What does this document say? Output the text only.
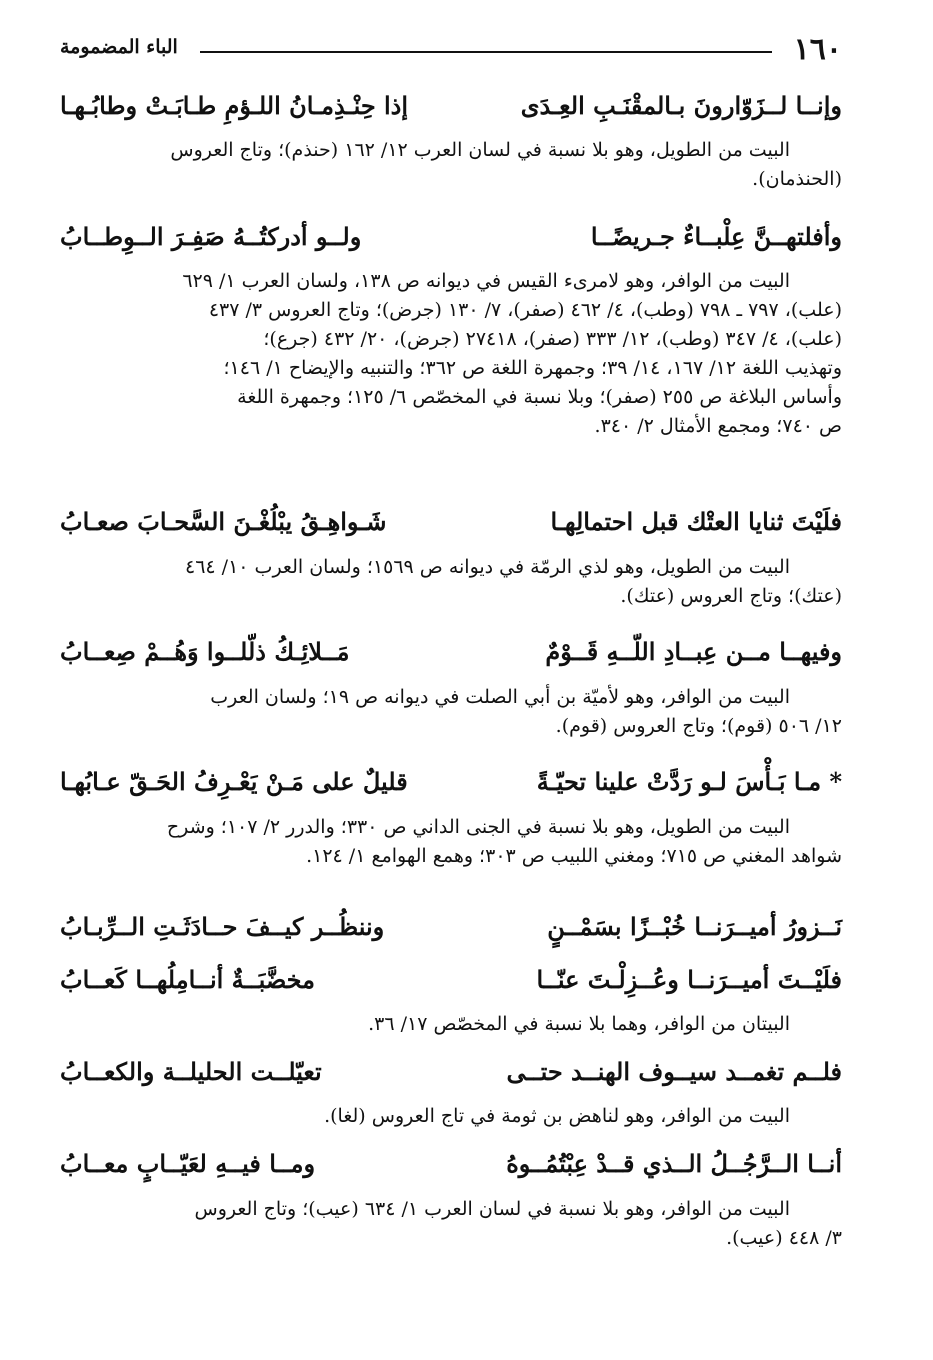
١٦٠
الباء المضمومة
وإنــا لــزَوّارونَ بـالمقْنَـبِ العِـدَى
إذا حِنْـذِمـانُ اللـؤمِ طـابَـتْ وطابُـهـا
البيت من الطويل، وهو بلا نسبة في لسان العرب ١٢/ ١٦٢ (حنذم)؛ وتاج العروس
(الحنذمان).
وأفلتهــنَّ عِلْبــاءٌ جـريضًــا
ولــو أدركتُــهُ صَفِـرَ الــوِطــابُ
البيت من الوافر، وهو لامرىء القيس في ديوانه ص ١٣٨، ولسان العرب ١/ ٦٢٩
(علب)، ٧٩٧ ـ ٧٩٨ (وطب)، ٤/ ٤٦٢ (صفر)، ٧/ ١٣٠ (جرض)؛ وتاج العروس ٣/ ٤٣٧
(علب)، ٤/ ٣٤٧ (وطب)، ١٢/ ٣٣٣ (صفر)، ٢٧٤١٨ (جرض)، ٢٠/ ٤٣٢ (جرع)؛
وتهذيب اللغة ١٢/ ١٦٧، ١٤/ ٣٩؛ وجمهرة اللغة ص ٣٦٢؛ والتنبيه والإيضاح ١/ ١٤٦؛
وأساس البلاغة ص ٢٥٥ (صفر)؛ وبلا نسبة في المخصّص ٦/ ١٢٥؛ وجمهرة اللغة
ص ٧٤٠؛ ومجمع الأمثال ٢/ ٣٤٠.
فلَيْتَ ثنايا العتْك قبل احتمالِهـا
شَـواهِـقُ يبْلُغْـنَ السَّحـابَ صعـابُ
البيت من الطويل، وهو لذي الرمّة في ديوانه ص ١٥٦٩؛ ولسان العرب ١٠/ ٤٦٤
(عتك)؛ وتاج العروس (عتك).
وفيهــا مــن عِبــادِ اللّــهِ قَــوْمٌ
مَــلائِـكُ ذلّلــوا وَهُــمْ صِعــابُ
البيت من الوافر، وهو لأميّة بن أبي الصلت في ديوانه ص ١٩؛ ولسان العرب
١٢/ ٥٠٦ (قوم)؛ وتاج العروس (قوم).
* مـا بَـأْسَ لـو رَدَّتْ علينا تحيّـةً
قليلٌ على مَـنْ يَعْـرِفُ الحَـقّ عـابُهـا
البيت من الطويل، وهو بلا نسبة في الجنى الداني ص ٣٣٠؛ والدرر ٢/ ١٠٧؛ وشرح
شواهد المغني ص ٧١٥؛ ومغني اللبيب ص ٣٠٣؛ وهمع الهوامع ١/ ١٢٤.
نَــزورُ أميــرَنــا خُبْــزًا بسَمْــنٍ
وننظُــر كيــفَ حــادَثَـتِ الــرِّبـابُ
فلَيْــتَ أميــرَنــا وعُــزِلْـتَ عنّــا
مخضَّبَــةٌ أنــامِلُهــا كَعــابُ
البيتان من الوافر، وهما بلا نسبة في المخصّص ١٧/ ٣٦.
فلــم تغمــد سيــوف الهنــد حتــى
تعيّلــت الحليلــة والكعــابُ
البيت من الوافر، وهو لناهض بن ثومة في تاج العروس (لغا).
أنــا الــرَّجُــلُ الــذي قــدْ عِبْتُمُــوهُ
ومــا فيــهِ لعَيّــابٍ معــابُ
البيت من الوافر، وهو بلا نسبة في لسان العرب ١/ ٦٣٤ (عيب)؛ وتاج العروس
٣/ ٤٤٨ (عيب).
